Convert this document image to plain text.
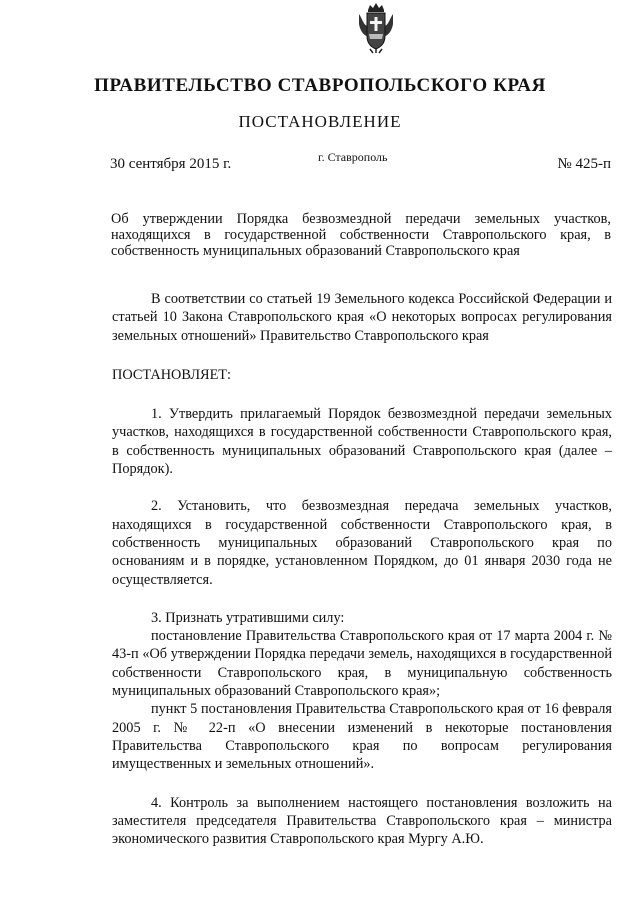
ПРАВИТЕЛЬСТВО СТАВРОПОЛЬСКОГО КРАЯ
ПОСТАНОВЛЕНИЕ
30 сентября 2015 г.	г. Ставрополь	№ 425-п
Об утверждении Порядка безвозмездной передачи земельных участков, находящихся в государственной собственности Ставропольского края, в собственность муниципальных образований Ставропольского края

В соответствии со статьей 19 Земельного кодекса Российской Федерации и статьей 10 Закона Ставропольского края «О некоторых вопросах регулирования земельных отношений» Правительство Ставропольского края

ПОСТАНОВЛЯЕТ:

1. Утвердить прилагаемый Порядок безвозмездной передачи земельных участков, находящихся в государственной собственности Ставропольского края, в собственность муниципальных образований Ставропольского края (далее – Порядок).

2. Установить, что безвозмездная передача земельных участков, находящихся в государственной собственности Ставропольского края, в собственность муниципальных образований Ставропольского края по основаниям и в порядке, установленном Порядком, до 01 января 2030 года не осуществляется.

3. Признать утратившими силу:

постановление Правительства Ставропольского края от 17 марта 2004 г. № 43-п «Об утверждении Порядка передачи земель, находящихся в государственной собственности Ставропольского края, в муниципальную собственность муниципальных образований Ставропольского края»;

пункт 5 постановления Правительства Ставропольского края от 16 февраля 2005 г. № 22-п «О внесении изменений в некоторые постановления Правительства Ставропольского края по вопросам регулирования имущественных и земельных отношений».

4. Контроль за выполнением настоящего постановления возложить на заместителя председателя Правительства Ставропольского края – министра экономического развития Ставропольского края Мургу А.Ю.
